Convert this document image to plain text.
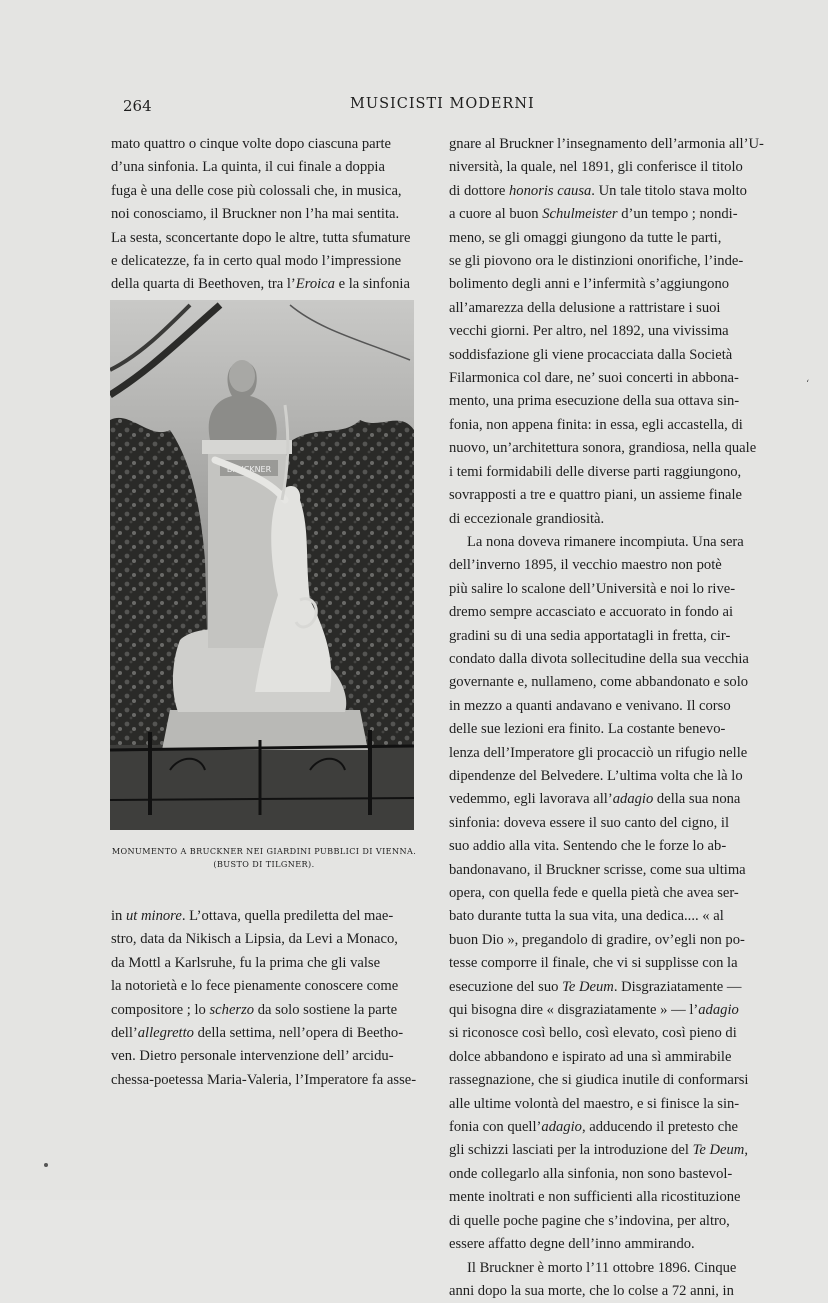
264	MUSICISTI MODERNI

mato quattro o cinque volte dopo ciascuna parte

d’una sinfonia. La quinta, il cui finale a doppia

fuga è una delle cose più colossali che, in musica,

noi conosciamo, il Bruckner non l’ha mai sentita.

La sesta, sconcertante dopo le altre, tutta sfumature

e delicatezze, fa in certo qual modo l’impressione

della quarta di Beethoven, tra l’Eroica e la sinfonia

BRUCKNER
MONUMENTO A BRUCKNER NEI GIARDINI PUBBLICI DI VIENNA.
(BUSTO DI TILGNER).

in ut minore. L’ottava, quella prediletta del mae-

stro, data da Nikisch a Lipsia, da Levi a Monaco,

da Mottl a Karlsruhe, fu la prima che gli valse

la notorietà e lo fece pienamente conoscere come

compositore ; lo scherzo da solo sostiene la parte

dell’allegretto della settima, nell’opera di Beetho-

ven. Dietro personale intervenzione dell’ arcidu-

chessa-poetessa Maria-Valeria, l’Imperatore fa asse-

gnare al Bruckner l’insegnamento dell’armonia all’U-

niversità, la quale, nel 1891, gli conferisce il titolo

di dottore honoris causa. Un tale titolo stava molto

a cuore al buon Schulmeister d’un tempo ; nondi-

meno, se gli omaggi giungono da tutte le parti,

se gli piovono ora le distinzioni onorifiche, l’inde-

bolimento degli anni e l’infermità s’aggiungono

all’amarezza della delusione a rattristare i suoi

vecchi giorni. Per altro, nel 1892, una vivissima

soddisfazione gli viene procacciata dalla Società

Filarmonica col dare, ne’ suoi concerti in abbona-

mento, una prima esecuzione della sua ottava sin-

fonia, non appena finita: in essa, egli accastella, di

nuovo, un’architettura sonora, grandiosa, nella quale

i temi formidabili delle diverse parti raggiungono,

sovrapposti a tre e quattro piani, un assieme finale

di eccezionale grandiosità.

La nona doveva rimanere incompiuta. Una sera

dell’inverno 1895, il vecchio maestro non potè

più salire lo scalone dell’Università e noi lo rive-

dremo sempre accasciato e accuorato in fondo ai

gradini su di una sedia apportatagli in fretta, cir-

condato dalla divota sollecitudine della sua vecchia

governante e, nullameno, come abbandonato e solo

in mezzo a quanti andavano e venivano. Il corso

delle sue lezioni era finito. La costante benevo-

lenza dell’Imperatore gli procacciò un rifugio nelle

dipendenze del Belvedere. L’ultima volta che là lo

vedemmo, egli lavorava all’adagio della sua nona

sinfonia: doveva essere il suo canto del cigno, il

suo addio alla vita. Sentendo che le forze lo ab-

bandonavano, il Bruckner scrisse, come sua ultima

opera, con quella fede e quella pietà che avea ser-

bato durante tutta la sua vita, una dedica.... « al

buon Dio », pregandolo di gradire, ov’egli non po-

tesse comporre il finale, che vi si supplisse con la

esecuzione del suo Te Deum. Disgraziatamente —

qui bisogna dire « disgraziatamente » — l’adagio

si riconosce così bello, così elevato, così pieno di

dolce abbandono e ispirato ad una sì ammirabile

rassegnazione, che si giudica inutile di conformarsi

alle ultime volontà del maestro, e si finisce la sin-

fonia con quell’adagio, adducendo il pretesto che

gli schizzi lasciati per la introduzione del Te Deum,

onde collegarlo alla sinfonia, non sono bastevol-

mente inoltrati e non sufficienti alla ricostituzione

di quelle poche pagine che s’indovina, per altro,

essere affatto degne dell’inno ammirando.

Il Bruckner è morto l’11 ottobre 1896. Cinque

anni dopo la sua morte, che lo colse a 72 anni, in

‘
